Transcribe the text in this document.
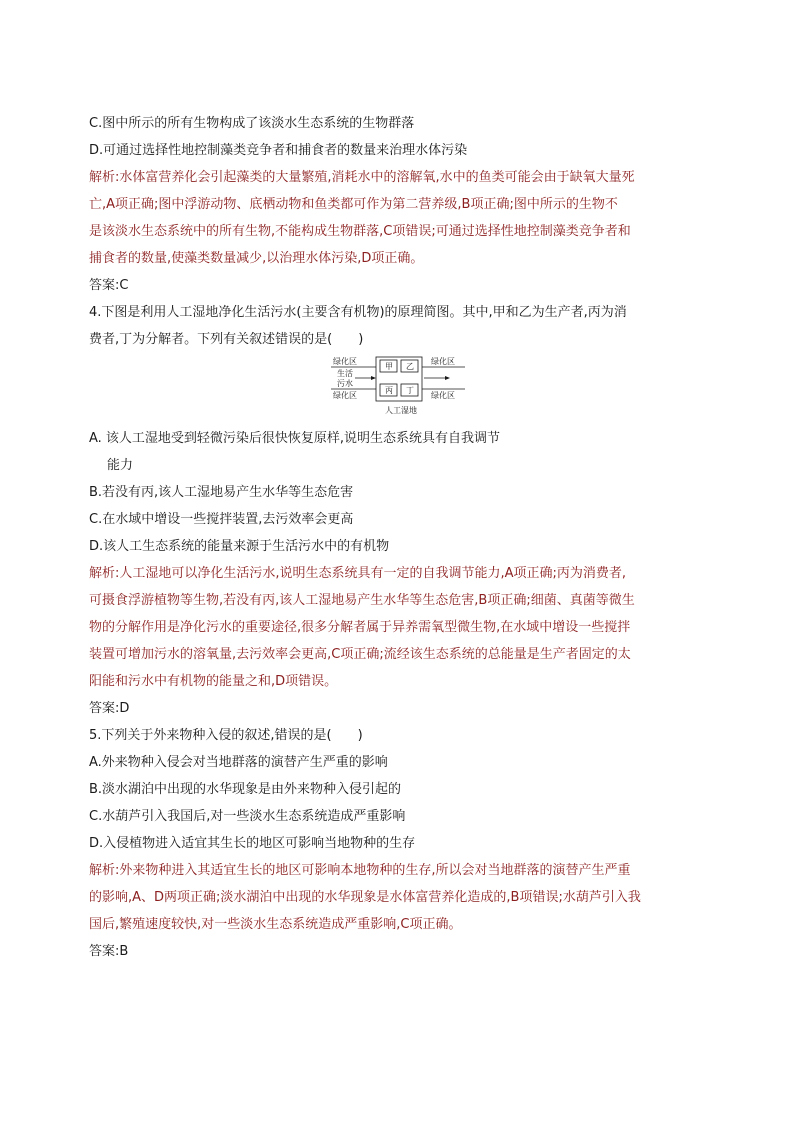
C.图中所示的所有生物构成了该淡水生态系统的生物群落

D.可通过选择性地控制藻类竞争者和捕食者的数量来治理水体污染

解析:水体富营养化会引起藻类的大量繁殖,消耗水中的溶解氧,水中的鱼类可能会由于缺氧大量死

亡,A项正确;图中浮游动物、底栖动物和鱼类都可作为第二营养级,B项正确;图中所示的生物不

是该淡水生态系统中的所有生物,不能构成生物群落,C项错误;可通过选择性地控制藻类竞争者和

捕食者的数量,使藻类数量减少,以治理水体污染,D项正确。

答案:C

4.下图是利用人工湿地净化生活污水(主要含有机物)的原理简图。其中,甲和乙为生产者,丙为消

费者,丁为分解者。下列有关叙述错误的是(　　)

绿化区
生活
污水
绿化区
甲 乙
丙 丁
绿化区
绿化区
人工湿地

A. 该人工湿地受到轻微污染后很快恢复原样,说明生态系统具有自我调节

能力

B.若没有丙,该人工湿地易产生水华等生态危害

C.在水域中增设一些搅拌装置,去污效率会更高

D.该人工生态系统的能量来源于生活污水中的有机物

解析:人工湿地可以净化生活污水,说明生态系统具有一定的自我调节能力,A项正确;丙为消费者,

可摄食浮游植物等生物,若没有丙,该人工湿地易产生水华等生态危害,B项正确;细菌、真菌等微生

物的分解作用是净化污水的重要途径,很多分解者属于异养需氧型微生物,在水域中增设一些搅拌

装置可增加污水的溶氧量,去污效率会更高,C项正确;流经该生态系统的总能量是生产者固定的太

阳能和污水中有机物的能量之和,D项错误。

答案:D

5.下列关于外来物种入侵的叙述,错误的是(　　)

A.外来物种入侵会对当地群落的演替产生严重的影响

B.淡水湖泊中出现的水华现象是由外来物种入侵引起的

C.水葫芦引入我国后,对一些淡水生态系统造成严重影响

D.入侵植物进入适宜其生长的地区可影响当地物种的生存

解析:外来物种进入其适宜生长的地区可影响本地物种的生存,所以会对当地群落的演替产生严重

的影响,A、D两项正确;淡水湖泊中出现的水华现象是水体富营养化造成的,B项错误;水葫芦引入我

国后,繁殖速度较快,对一些淡水生态系统造成严重影响,C项正确。

答案:B
